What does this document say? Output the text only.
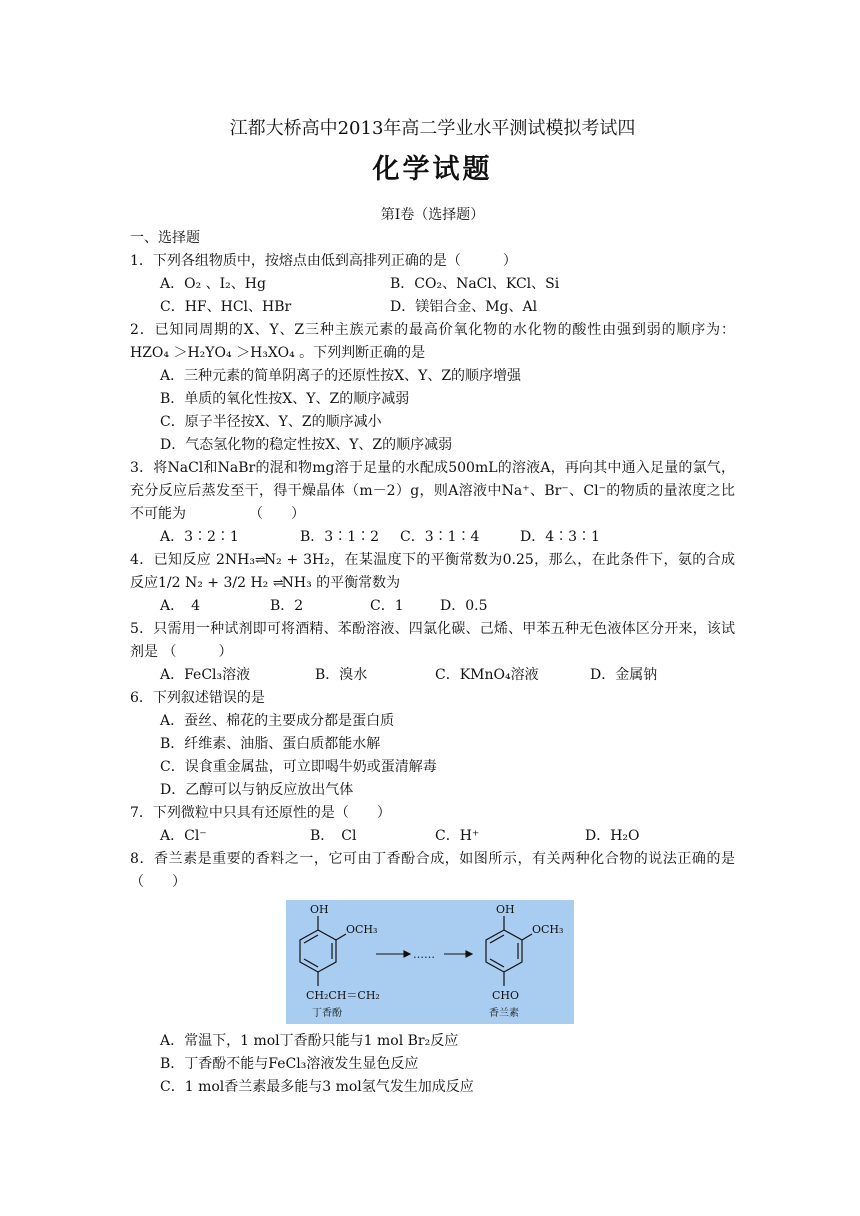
江都大桥高中2013年高二学业水平测试模拟考试四

化学试题

第I卷（选择题）

一、选择题

1．下列各组物质中，按熔点由低到高排列正确的是（　　　）

A．O₂ 、I₂、Hg	B．CO₂、NaCl、KCl、Si
C．HF、HCl、HBr	D．镁铝合金、Mg、Al

2．已知同周期的X、Y、Z三种主族元素的最高价氧化物的水化物的酸性由强到弱的顺序为：HZO₄ ＞H₂YO₄ ＞H₃XO₄ 。下列判断正确的是

A．三种元素的简单阴离子的还原性按X、Y、Z的顺序增强

B．单质的氧化性按X、Y、Z的顺序减弱

C．原子半径按X、Y、Z的顺序减小

D．气态氢化物的稳定性按X、Y、Z的顺序减弱

3．将NaCl和NaBr的混和物mg溶于足量的水配成500mL的溶液A，再向其中通入足量的氯气，充分反应后蒸发至干，得干燥晶体（m－2）g，则A溶液中Na⁺、Br⁻、Cl⁻的物质的量浓度之比不可能为　　　　　（　　）

A．3∶2∶1	B．3∶1∶2	C．3∶1∶4	D．4∶3∶1

4．已知反应 2NH₃⇌N₂ + 3H₂，在某温度下的平衡常数为0.25，那么，在此条件下，氨的合成反应1/2 N₂ + 3/2 H₂ ⇌NH₃ 的平衡常数为

A．　4	B．2	C．1	D．0.5

5．只需用一种试剂即可将酒精、苯酚溶液、四氯化碳、己烯、甲苯五种无色液体区分开来，该试剂是 （　　　）

A．FeCl₃溶液	B．溴水	C．KMnO₄溶液	D．金属钠

6．下列叙述错误的是

A．蚕丝、棉花的主要成分都是蛋白质

B．纤维素、油脂、蛋白质都能水解

C．误食重金属盐，可立即喝牛奶或蛋清解毒

D．乙醇可以与钠反应放出气体

7．下列微粒中只具有还原性的是（　　）

A．Cl⁻	B．　Cl	C．H⁺	D．H₂O

8．香兰素是重要的香料之一，它可由丁香酚合成，如图所示，有关两种化合物的说法正确的是（　　）

OH
OCH₃
CH₂CH＝CH₂
丁香酚
……
OH
OCH₃
CHO
香兰素

A．常温下，1 mol丁香酚只能与1 mol Br₂反应

B．丁香酚不能与FeCl₃溶液发生显色反应

C．1 mol香兰素最多能与3 mol氢气发生加成反应
